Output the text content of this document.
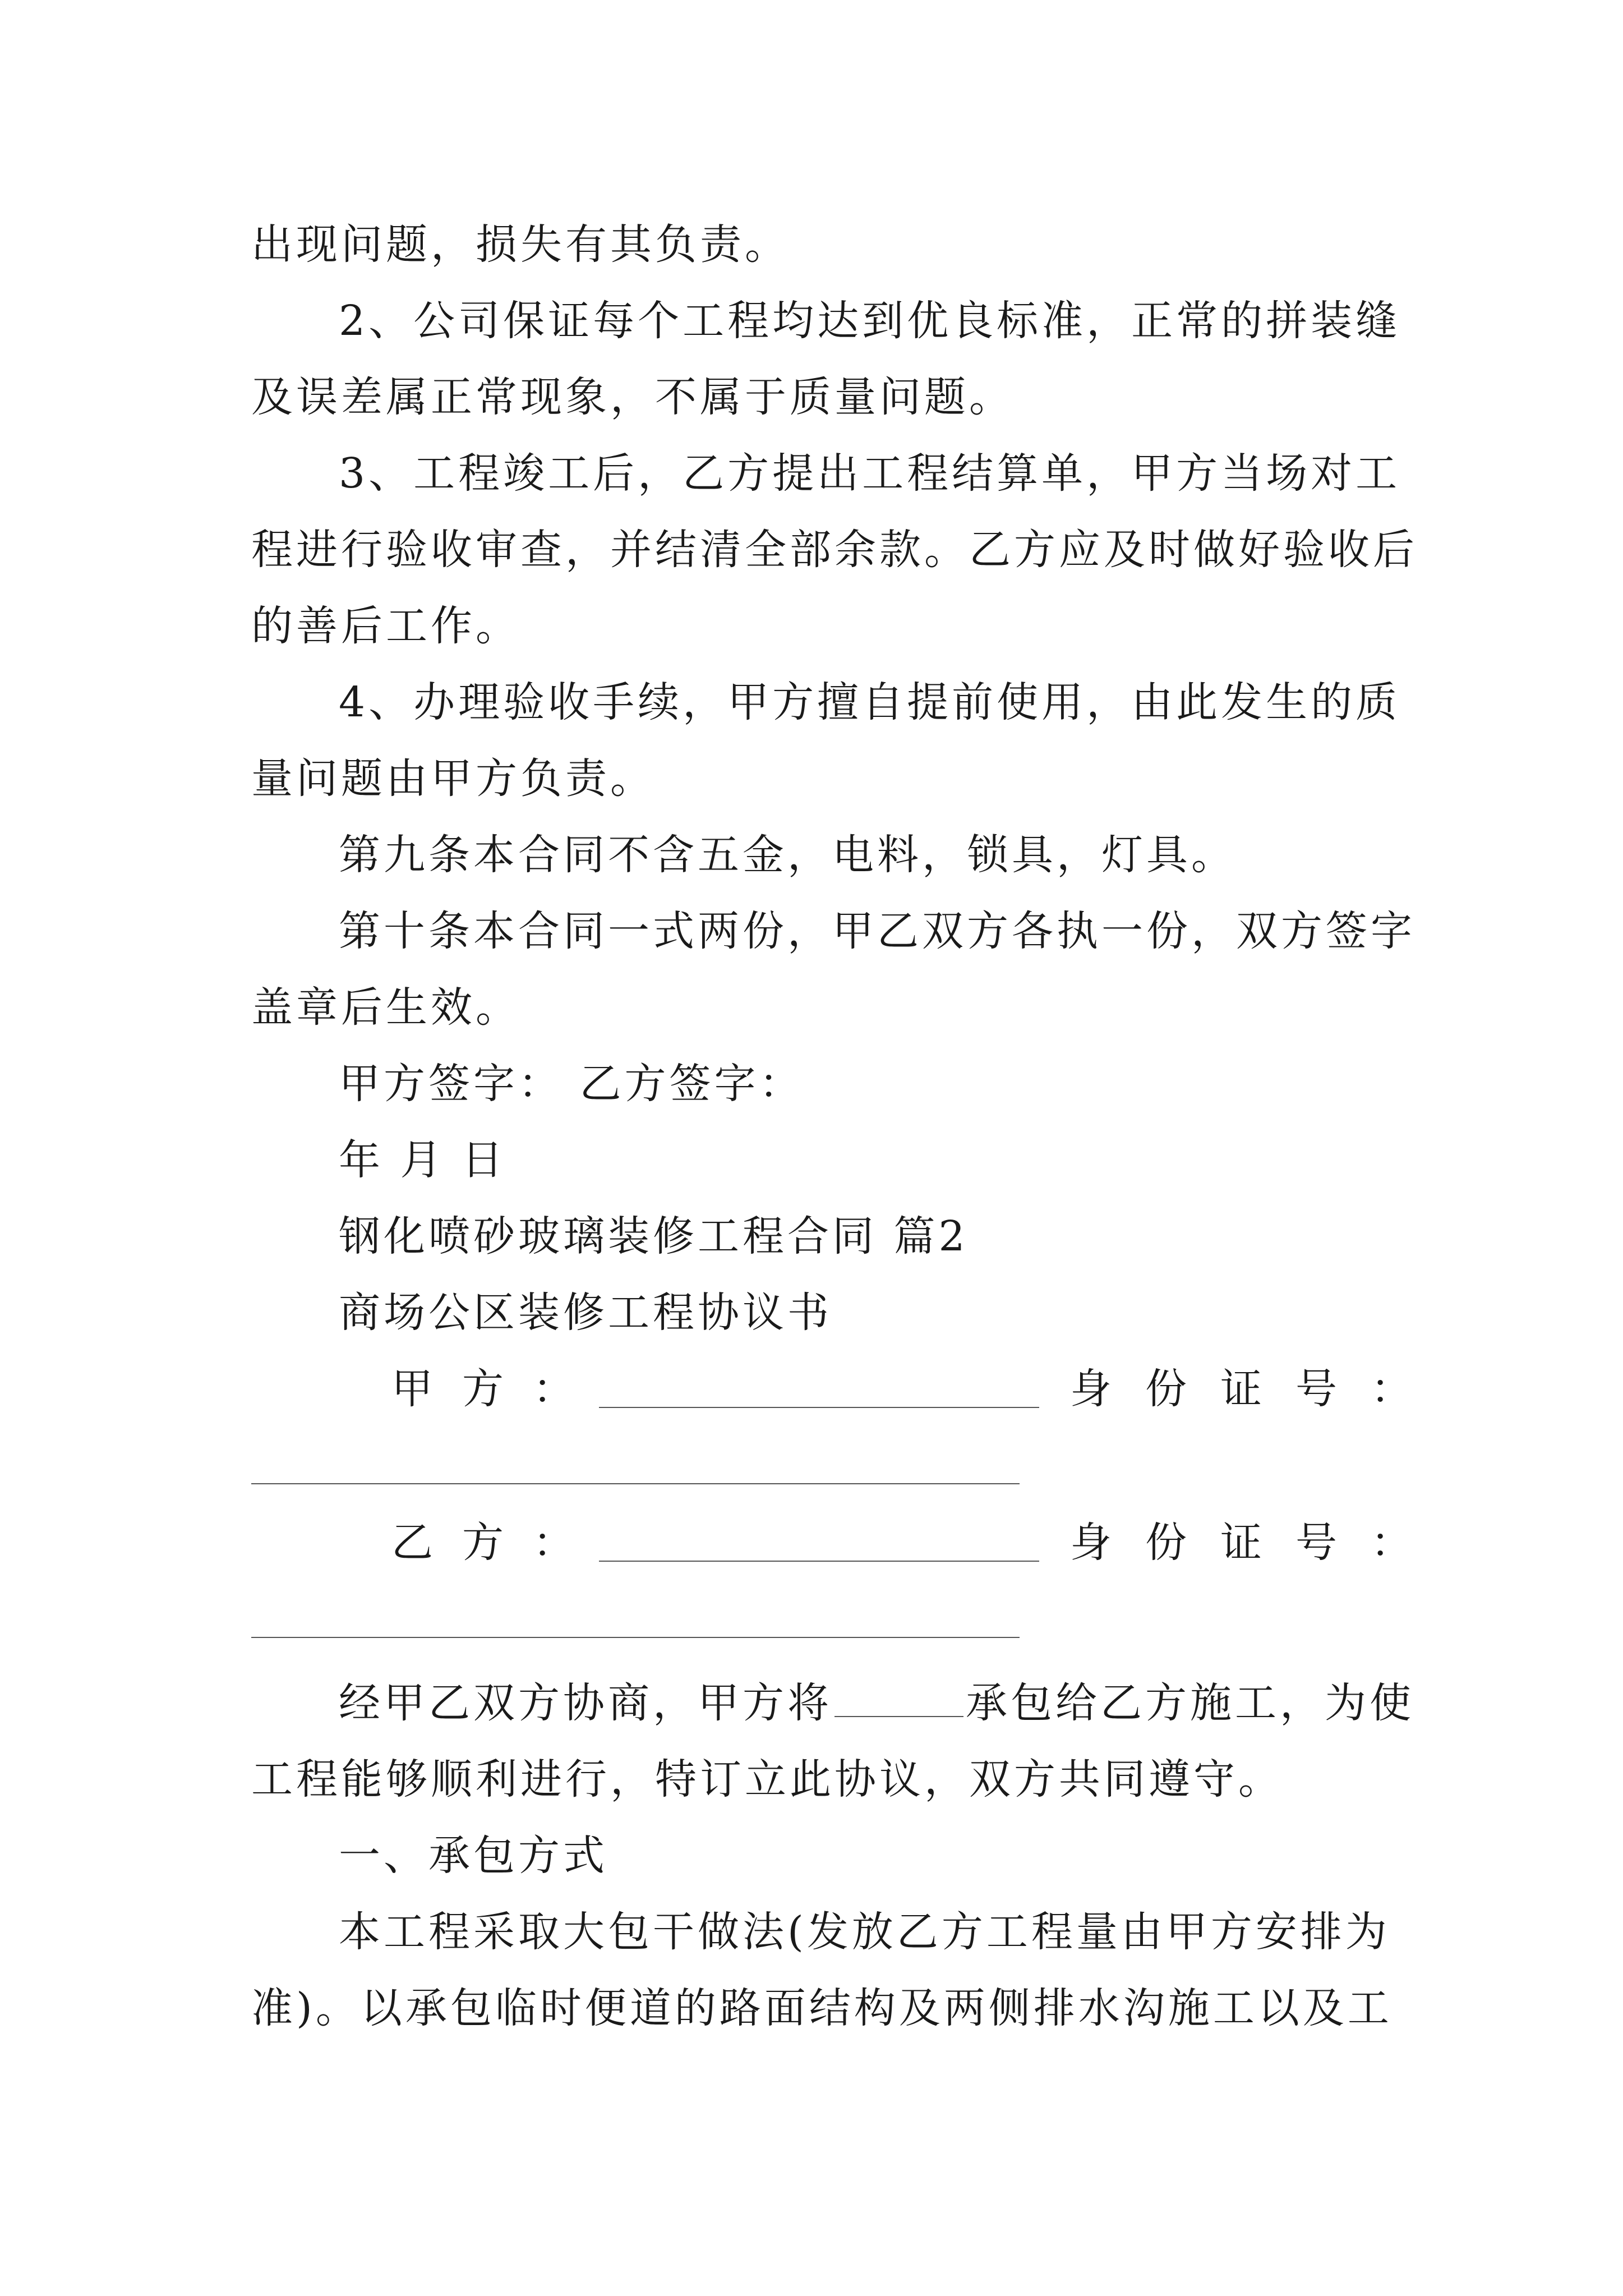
出现问题，损失有其负责。
2、公司保证每个工程均达到优良标准，正常的拼装缝
及误差属正常现象，不属于质量问题。
3、工程竣工后，乙方提出工程结算单，甲方当场对工
程进行验收审查，并结清全部余款。乙方应及时做好验收后
的善后工作。
4、办理验收手续，甲方擅自提前使用，由此发生的质
量问题由甲方负责。
第九条本合同不含五金，电料，锁具，灯具。
第十条本合同一式两份，甲乙双方各执一份，双方签字
盖章后生效。
甲方签字： 乙方签字：
年 月 日
钢化喷砂玻璃装修工程合同 篇2
商场公区装修工程协议书
甲方：	身份证号：
乙方：	身份证号：
经甲乙双方协商，甲方将	承包给乙方施工，为使
工程能够顺利进行，特订立此协议，双方共同遵守。
一、承包方式
本工程采取大包干做法(发放乙方工程量由甲方安排为
准)。以承包临时便道的路面结构及两侧排水沟施工以及工
